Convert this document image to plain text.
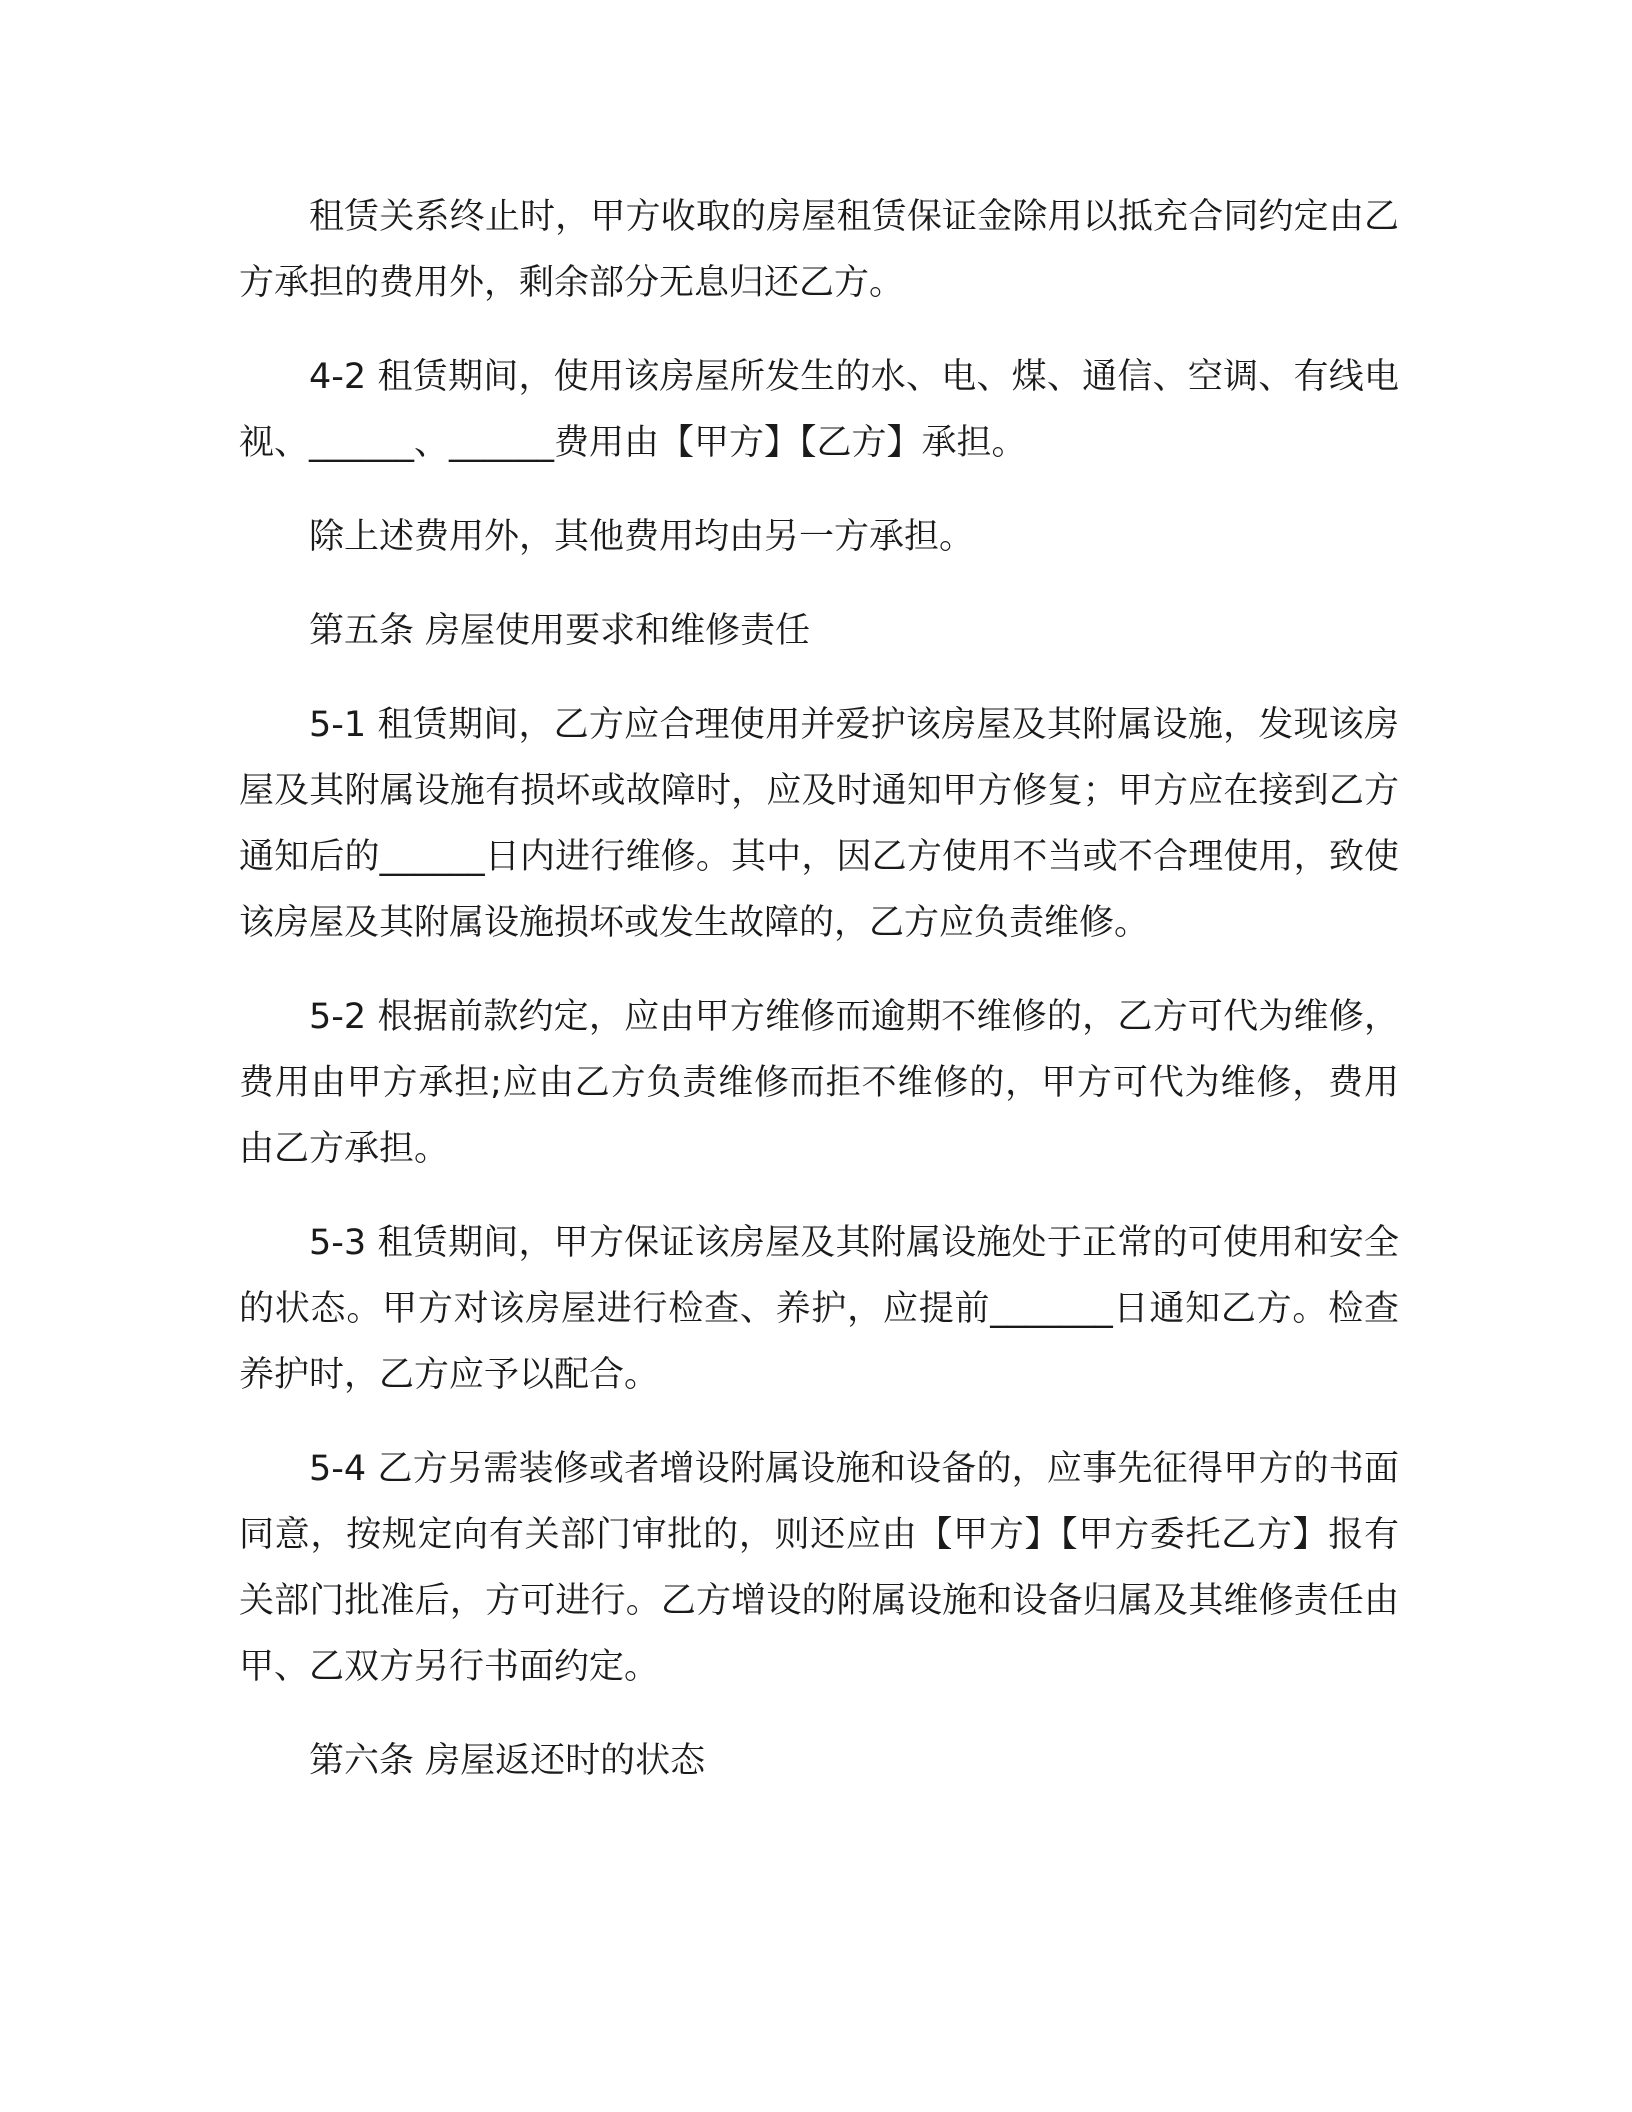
租赁关系终止时，甲方收取的房屋租赁保证金除用以抵充合同约定由乙方承担的费用外，剩余部分无息归还乙方。

4-2 租赁期间，使用该房屋所发生的水、电、煤、通信、空调、有线电视、______、______费用由【甲方】【乙方】承担。

除上述费用外，其他费用均由另一方承担。

第五条 房屋使用要求和维修责任

5-1 租赁期间，乙方应合理使用并爱护该房屋及其附属设施，发现该房屋及其附属设施有损坏或故障时，应及时通知甲方修复；甲方应在接到乙方通知后的______日内进行维修。其中，因乙方使用不当或不合理使用，致使该房屋及其附属设施损坏或发生故障的，乙方应负责维修。

5-2 根据前款约定，应由甲方维修而逾期不维修的，乙方可代为维修，费用由甲方承担;应由乙方负责维修而拒不维修的，甲方可代为维修，费用由乙方承担。

5-3 租赁期间，甲方保证该房屋及其附属设施处于正常的可使用和安全的状态。甲方对该房屋进行检查、养护，应提前_______日通知乙方。检查养护时，乙方应予以配合。

5-4 乙方另需装修或者增设附属设施和设备的，应事先征得甲方的书面同意，按规定向有关部门审批的，则还应由【甲方】【甲方委托乙方】报有关部门批准后，方可进行。乙方增设的附属设施和设备归属及其维修责任由甲、乙双方另行书面约定。

第六条 房屋返还时的状态
